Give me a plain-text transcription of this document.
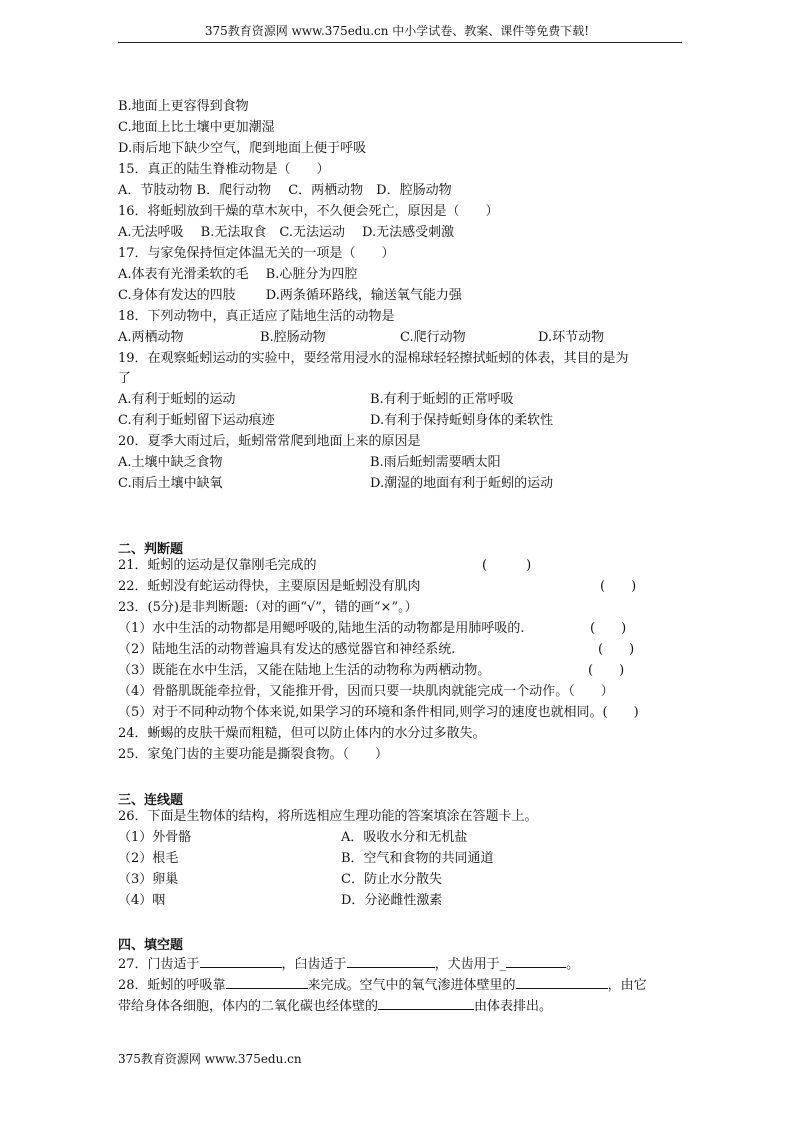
375教育资源网 www.375edu.cn 中小学试卷、教案、课件等免费下载!
B.地面上更容得到食物
C.地面上比土壤中更加潮湿
D.雨后地下缺少空气，爬到地面上便于呼吸
15．真正的陆生脊椎动物是（　　）
A．节肢动物 B．爬行动物　 C．两栖动物　D．腔肠动物
16．将蚯蚓放到干燥的草木灰中，不久便会死亡，原因是（　　）
A.无法呼吸　 B.无法取食　C.无法运动　 D.无法感受刺激
17．与家兔保持恒定体温无关的一项是（　　）
A.体表有光滑柔软的毛　 B.心脏分为四腔
C.身体有发达的四肢　　 D.两条循环路线，输送氧气能力强
18．下列动物中，真正适应了陆地生活的动物是
A.两栖动物	B.腔肠动物	C.爬行动物	D.环节动物
19．在观察蚯蚓运动的实验中，要经常用浸水的湿棉球轻轻擦拭蚯蚓的体表，其目的是为
了
A.有利于蚯蚓的运动	B.有利于蚯蚓的正常呼吸
C.有利于蚯蚓留下运动痕迹	D.有利于保持蚯蚓身体的柔软性
20．夏季大雨过后，蚯蚓常常爬到地面上来的原因是
A.土壤中缺乏食物	B.雨后蚯蚓需要晒太阳
C.雨后土壤中缺氧	D.潮湿的地面有利于蚯蚓的运动
二、判断题
21．蚯蚓的运动是仅靠刚毛完成的	(　　　)
22．蚯蚓没有蛇运动得快，主要原因是蚯蚓没有肌肉	(　　)
23．(5分)是非判断题:（对的画“√”，错的画“×”。）
（1）水中生活的动物都是用鳃呼吸的,陆地生活的动物都是用肺呼吸的.	(　　)
（2）陆地生活的动物普遍具有发达的感觉器官和神经系统.	(　　)
（3）既能在水中生活，又能在陆地上生活的动物称为两栖动物。	(　　)
（4）骨骼肌既能牵拉骨，又能推开骨，因而只要一块肌肉就能完成一个动作。（　　）
（5）对于不同种动物个体来说,如果学习的环境和条件相同,则学习的速度也就相同。(　　)
24．蜥蜴的皮肤干燥而粗糙，但可以防止体内的水分过多散失。
25．家兔门齿的主要功能是撕裂食物。（　　）
三、连线题
26．下面是生物体的结构，将所选相应生理功能的答案填涂在答题卡上。
（1）外骨骼	A．吸收水分和无机盐
（2）根毛	B．空气和食物的共同通道
（3）卵巢	C．防止水分散失
（4）咽	D．分泌雌性激素
四、填空题
27．门齿适于	，臼齿适于	，犬齿用于_	。
28．蚯蚓的呼吸靠	来完成。空气中的氧气渗进体壁里的	，由它
带给身体各细胞，体内的二氧化碳也经体壁的	由体表排出。
375教育资源网 www.375edu.cn
